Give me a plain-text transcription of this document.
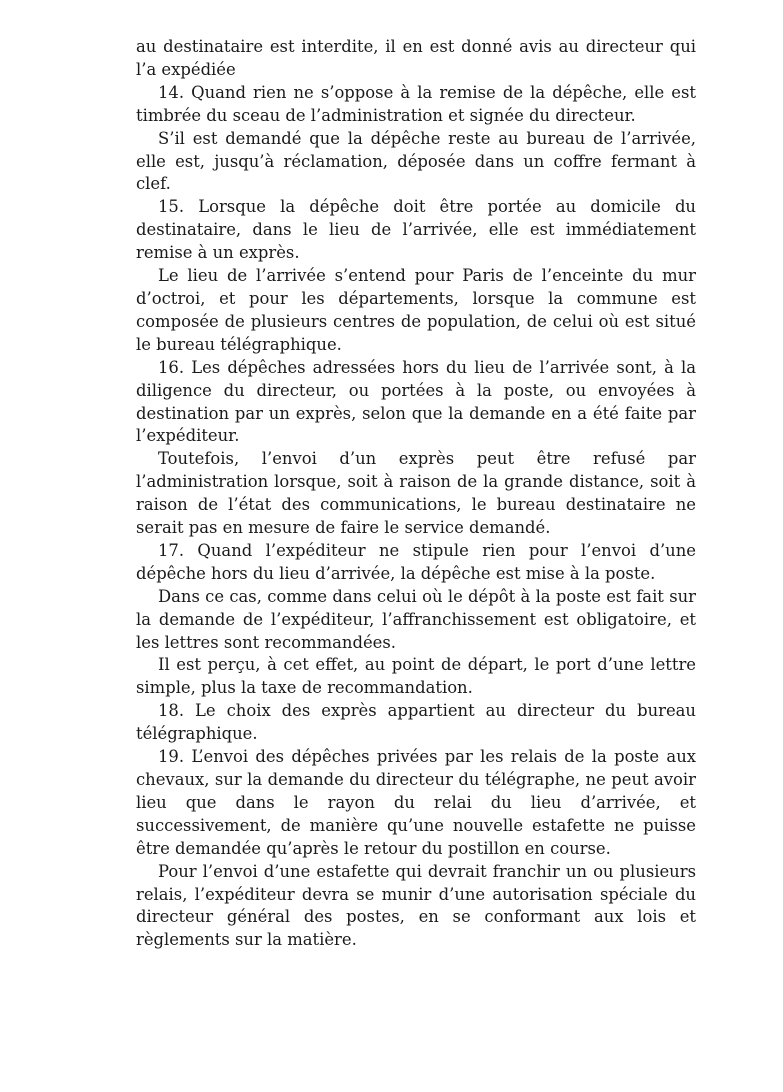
au destinataire est interdite, il en est donné avis au directeur qui l’a expédiée

14. Quand rien ne s’oppose à la remise de la dépêche, elle est timbrée du sceau de l’administration et signée du directeur.

S’il est demandé que la dépêche reste au bureau de l’arrivée, elle est, jusqu’à réclamation, déposée dans un coffre fermant à clef.

15. Lorsque la dépêche doit être portée au domicile du destinataire, dans le lieu de l’arrivée, elle est immédiatement remise à un exprès.

Le lieu de l’arrivée s’entend pour Paris de l’enceinte du mur d’octroi, et pour les départements, lorsque la commune est composée de plusieurs centres de population, de celui où est situé le bureau télégraphique.

16. Les dépêches adressées hors du lieu de l’arrivée sont, à la diligence du directeur, ou portées à la poste, ou envoyées à destination par un exprès, selon que la demande en a été faite par l’expéditeur.

Toutefois, l’envoi d’un exprès peut être refusé par l’administration lorsque, soit à raison de la grande distance, soit à raison de l’état des communications, le bureau destinataire ne serait pas en mesure de faire le service demandé.

17. Quand l’expéditeur ne stipule rien pour l’envoi d’une dépêche hors du lieu d’arrivée, la dépêche est mise à la poste.

Dans ce cas, comme dans celui où le dépôt à la poste est fait sur la demande de l’expéditeur, l’affranchissement est obligatoire, et les lettres sont recommandées.

Il est perçu, à cet effet, au point de départ, le port d’une lettre simple, plus la taxe de recommandation.

18. Le choix des exprès appartient au directeur du bureau télégraphique.

19. L’envoi des dépêches privées par les relais de la poste aux chevaux, sur la demande du directeur du télégraphe, ne peut avoir lieu que dans le rayon du relai du lieu d’arrivée, et successivement, de manière qu’une nouvelle estafette ne puisse être demandée qu’après le retour du postillon en course.

Pour l’envoi d’une estafette qui devrait franchir un ou plusieurs relais, l’expéditeur devra se munir d’une autorisation spéciale du directeur général des postes, en se conformant aux lois et règlements sur la matière.
